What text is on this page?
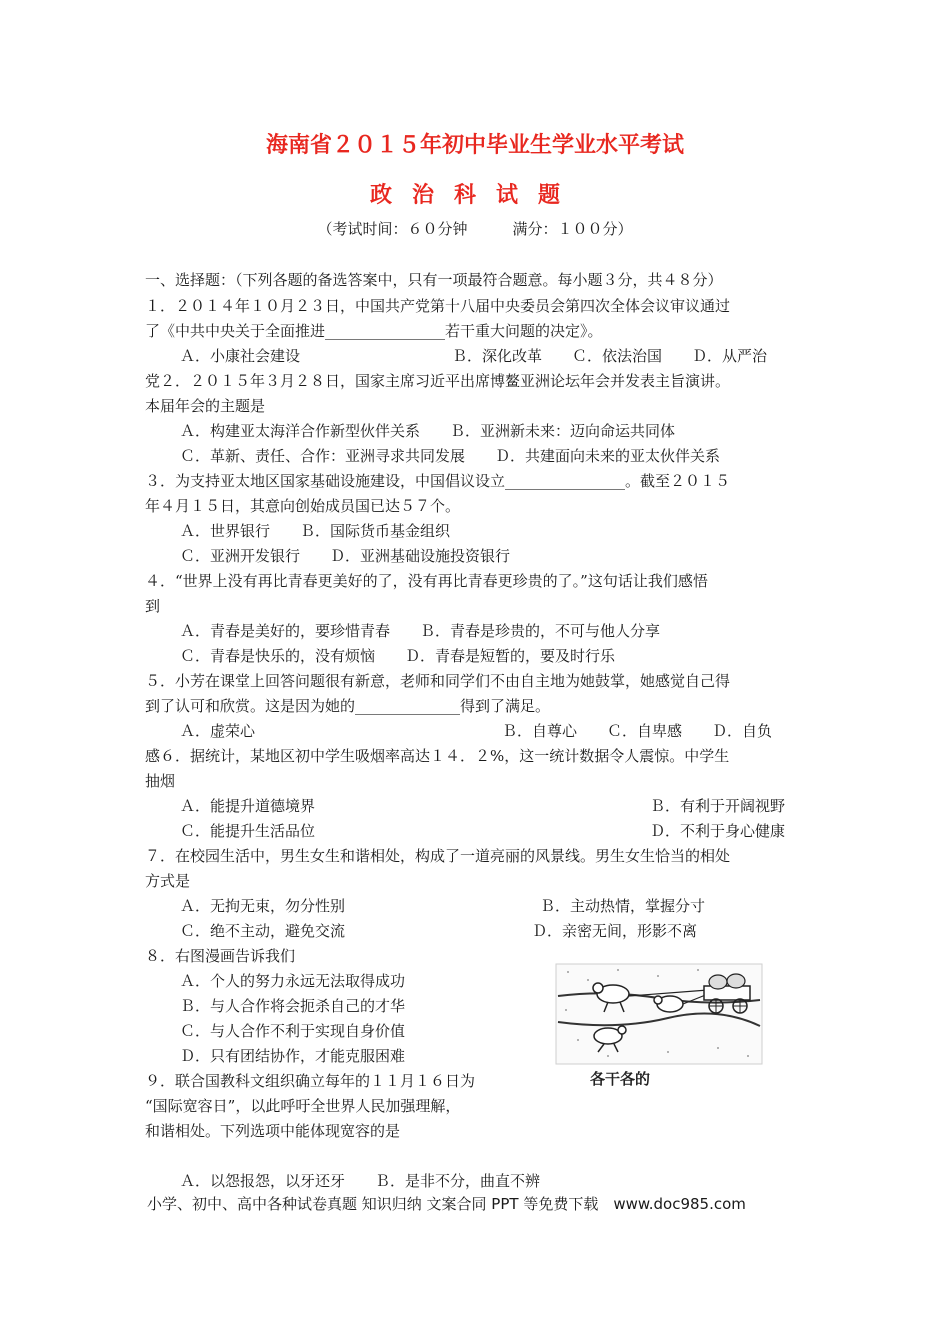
海南省２０１５年初中毕业生学业水平考试
政治科试题
（考试时间：６０分钟　　　满分：１００分）
一、选择题：（下列各题的备选答案中，只有一项最符合题意。每小题３分，共４８分）
１．２０１４年１０月２３日，中国共产党第十八届中央委员会第四次全体会议审议通过
了《中共中央关于全面推进________________若干重大问题的决定》。
Ａ．小康社会建设	Ｂ．深化改革　　Ｃ．依法治国　　Ｄ．从严治
党２．２０１５年３月２８日，国家主席习近平出席博鳌亚洲论坛年会并发表主旨演讲。
本届年会的主题是
Ａ．构建亚太海洋合作新型伙伴关系　　Ｂ．亚洲新未来：迈向命运共同体
Ｃ．革新、责任、合作：亚洲寻求共同发展　　Ｄ．共建面向未来的亚太伙伴关系
３．为支持亚太地区国家基础设施建设，中国倡议设立________________。截至２０１５
年４月１５日，其意向创始成员国已达５７个。
Ａ．世界银行　　Ｂ．国际货币基金组织
Ｃ．亚洲开发银行　　Ｄ．亚洲基础设施投资银行
４．“世界上没有再比青春更美好的了，没有再比青春更珍贵的了。”这句话让我们感悟
到
Ａ．青春是美好的，要珍惜青春　　Ｂ．青春是珍贵的，不可与他人分享
Ｃ．青春是快乐的，没有烦恼　　Ｄ．青春是短暂的，要及时行乐
５．小芳在课堂上回答问题很有新意，老师和同学们不由自主地为她鼓掌，她感觉自己得
到了认可和欣赏。这是因为她的______________得到了满足。
Ａ．虚荣心	Ｂ．自尊心　　Ｃ．自卑感　　Ｄ．自负
感６．据统计，某地区初中学生吸烟率高达１４．２%，这一统计数据令人震惊。中学生
抽烟
Ａ．能提升道德境界	Ｂ．有利于开阔视野
Ｃ．能提升生活品位	Ｄ．不利于身心健康
７．在校园生活中，男生女生和谐相处，构成了一道亮丽的风景线。男生女生恰当的相处
方式是
Ａ．无拘无束，勿分性别	Ｂ．主动热情，掌握分寸
Ｃ．绝不主动，避免交流	Ｄ．亲密无间，形影不离
８．右图漫画告诉我们
Ａ．个人的努力永远无法取得成功
Ｂ．与人合作将会扼杀自己的才华
Ｃ．与人合作不利于实现自身价值
Ｄ．只有团结协作，才能克服困难
９．联合国教科文组织确立每年的１１月１６日为
“国际宽容日”，以此呼吁全世界人民加强理解，
和谐相处。下列选项中能体现宽容的是
Ａ．以怨报怨，以牙还牙　　Ｂ．是非不分，曲直不辨
各干各的
小学、初中、高中各种试卷真题 知识归纳 文案合同 PPT 等免费下载　www.doc985.com
